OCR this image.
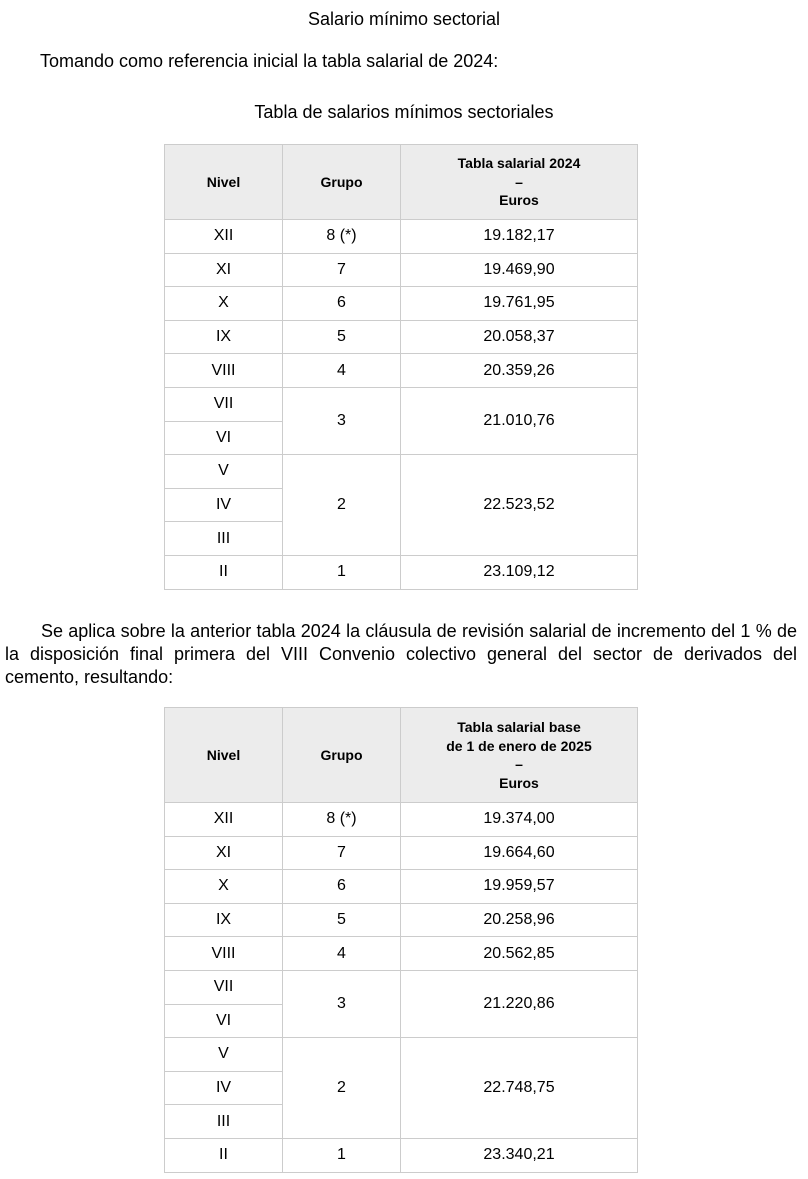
Salario mínimo sectorial
Tomando como referencia inicial la tabla salarial de 2024:
Tabla de salarios mínimos sectoriales
Nivel	Grupo	Tabla salarial 2024
–
Euros
XII	8 (*)	19.182,17
XI	7	19.469,90
X	6	19.761,95
IX	5	20.058,37
VIII	4	20.359,26
VII	3	21.010,76
VI		
V	2	22.523,52
IV		
III		
II	1	23.109,12
Se aplica sobre la anterior tabla 2024 la cláusula de revisión salarial de incremento del 1 % de la disposición final primera del VIII Convenio colectivo general del sector de derivados del cemento, resultando:
Nivel	Grupo	Tabla salarial base
de 1 de enero de 2025
–
Euros
XII	8 (*)	19.374,00
XI	7	19.664,60
X	6	19.959,57
IX	5	20.258,96
VIII	4	20.562,85
VII	3	21.220,86
VI		
V	2	22.748,75
IV		
III		
II	1	23.340,21
